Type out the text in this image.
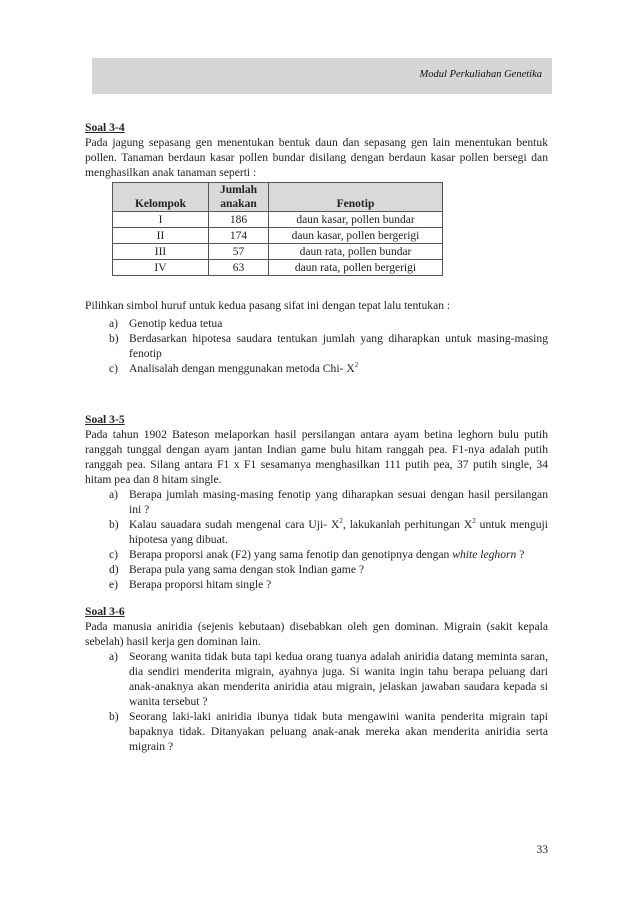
Modul Perkuliahan Genetika

Soal 3-4

Pada jagung sepasang gen menentukan bentuk daun dan sepasang gen lain menentukan bentuk pollen. Tanaman berdaun kasar pollen bundar disilang dengan berdaun kasar pollen bersegi dan menghasilkan anak tanaman seperti :

Kelompok	Jumlah anakan	Fenotip
I	186	daun kasar, pollen bundar
II	174	daun kasar, pollen bergerigi
III	57	daun rata, pollen bundar
IV	63	daun rata, pollen bergerigi

Pilihkan simbol huruf untuk kedua pasang sifat ini dengan tepat lalu tentukan :

a) Genotip kedua tetua
b) Berdasarkan hipotesa saudara tentukan jumlah yang diharapkan untuk masing-masing fenotip
c) Analisalah dengan menggunakan metoda Chi- $X^2$

Soal 3-5

Pada tahun 1902 Bateson melaporkan hasil persilangan antara ayam betina leghorn bulu putih ranggah tunggal dengan ayam jantan Indian game bulu hitam ranggah pea. F1-nya adalah putih ranggah pea. Silang antara F1 x F1 sesamanya menghasilkan 111 putih pea, 37 putih single, 34 hitam pea dan 8 hitam single.

a) Berapa jumlah masing-masing fenotip yang diharapkan sesuai dengan hasil persilangan ini ?
b) Kalau sauadara sudah mengenal cara Uji- $X^2$, lakukanlah perhitungan $X^2$ untuk menguji hipotesa yang dibuat.
c) Berapa proporsi anak (F2) yang sama fenotip dan genotipnya dengan white leghorn ?
d) Berapa pula yang sama dengan stok Indian game ?
e) Berapa proporsi hitam single ?

Soal 3-6

Pada manusia aniridia (sejenis kebutaan) disebabkan oleh gen dominan. Migrain (sakit kepala sebelah) hasil kerja gen dominan lain.

a) Seorang wanita tidak buta tapi kedua orang tuanya adalah aniridia datang meminta saran, dia sendiri menderita migrain, ayahnya juga. Si wanita ingin tahu berapa peluang dari anak-anaknya akan menderita aniridia atau migrain, jelaskan jawaban saudara kepada si wanita tersebut ?
b) Seorang laki-laki aniridia ibunya tidak buta mengawini wanita penderita migrain tapi bapaknya tidak. Ditanyakan peluang anak-anak mereka akan menderita aniridia serta migrain ?
33
